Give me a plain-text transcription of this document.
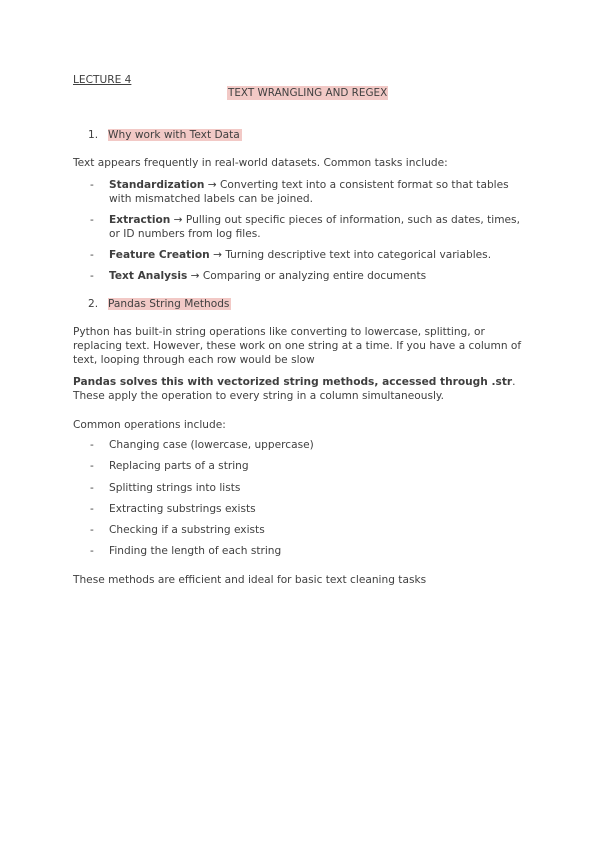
LECTURE 4
TEXT WRANGLING AND REGEX
1. Why work with Text Data
Text appears frequently in real-world datasets. Common tasks include:
- Standardization → Converting text into a consistent format so that tables with mismatched labels can be joined.
- Extraction → Pulling out specific pieces of information, such as dates, times, or ID numbers from log files.
- Feature Creation → Turning descriptive text into categorical variables.
- Text Analysis → Comparing or analyzing entire documents
2. Pandas String Methods
Python has built-in string operations like converting to lowercase, splitting, or replacing text. However, these work on one string at a time. If you have a column of text, looping through each row would be slow
Pandas solves this with vectorized string methods, accessed through .str. These apply the operation to every string in a column simultaneously.
Common operations include:
- Changing case (lowercase, uppercase)
- Replacing parts of a string
- Splitting strings into lists
- Extracting substrings exists
- Checking if a substring exists
- Finding the length of each string
These methods are efficient and ideal for basic text cleaning tasks
